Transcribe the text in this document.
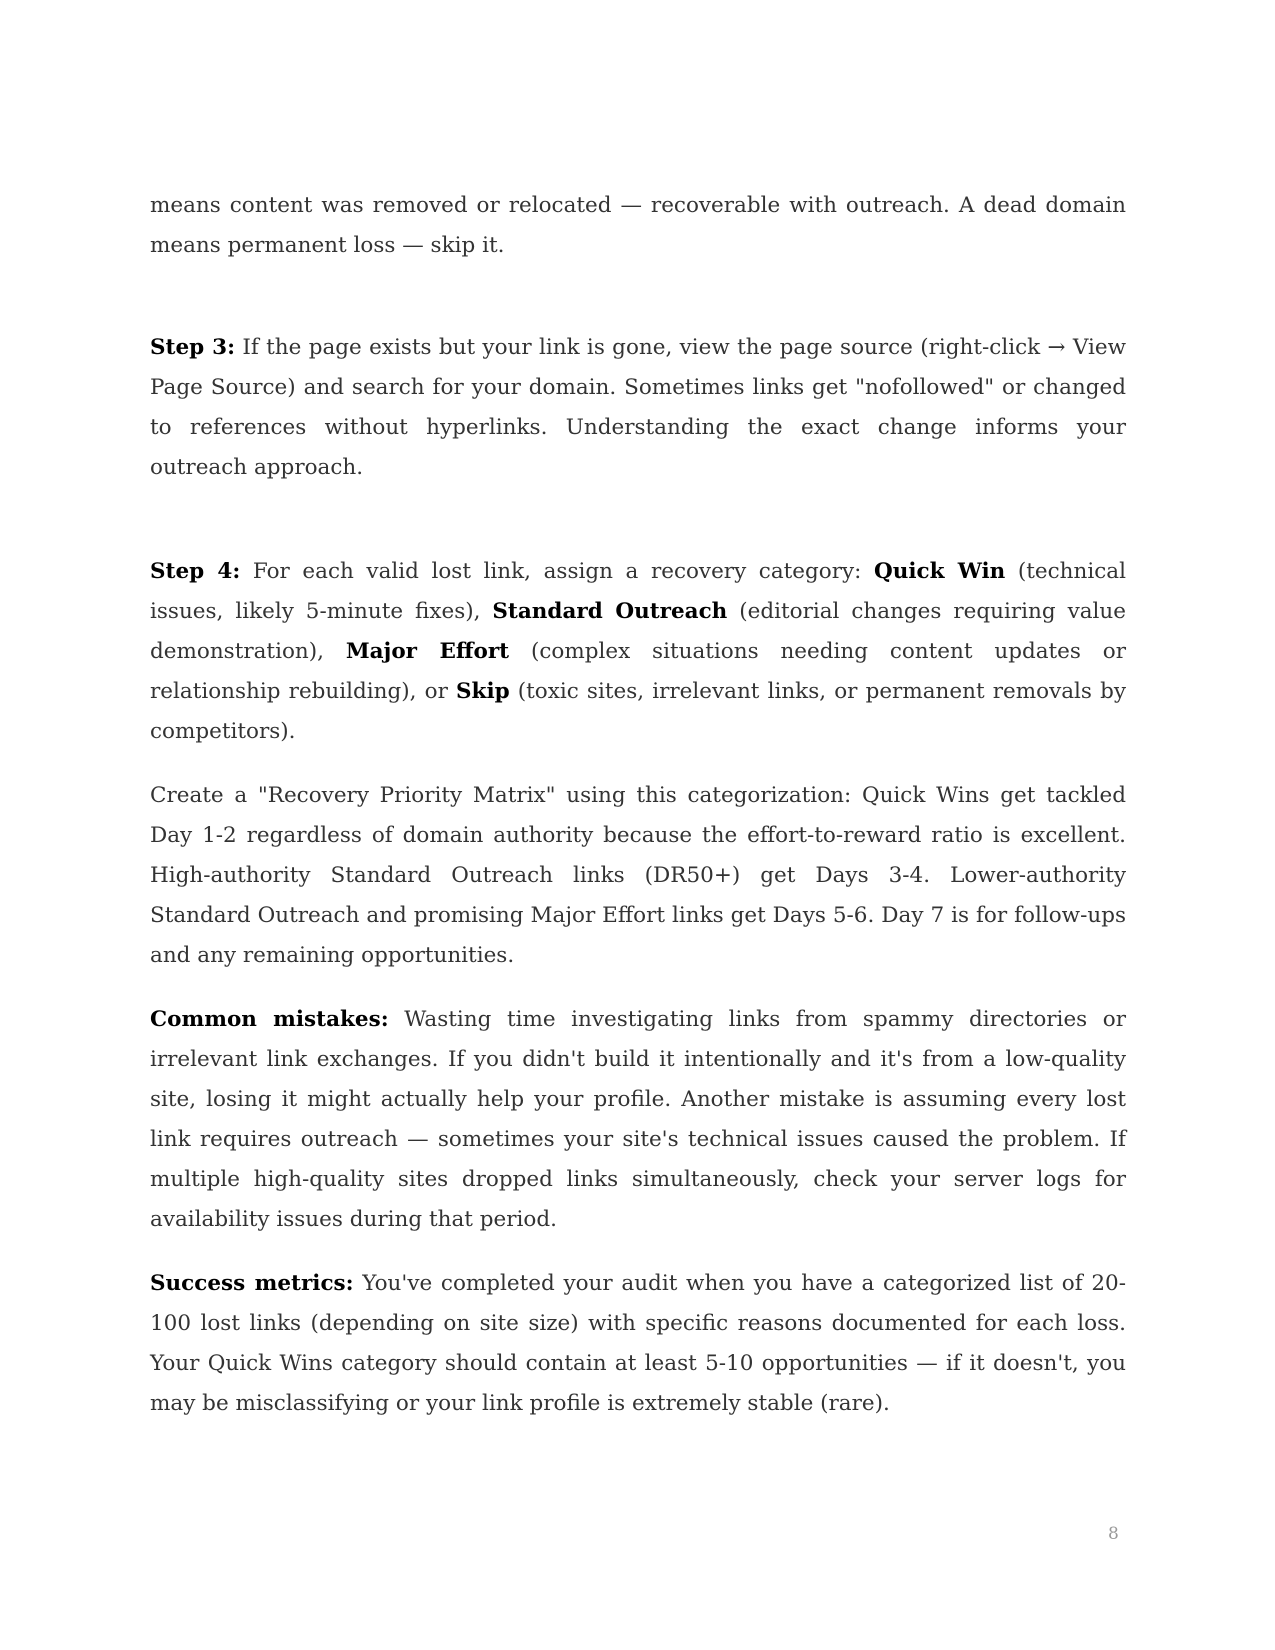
means content was removed or relocated — recoverable with outreach. A dead domain means permanent loss — skip it.

Step 3: If the page exists but your link is gone, view the page source (right-click → View Page Source) and search for your domain. Sometimes links get "nofollowed" or changed to references without hyperlinks. Understanding the exact change informs your outreach approach.

Step 4: For each valid lost link, assign a recovery category: Quick Win (technical issues, likely 5-minute fixes), Standard Outreach (editorial changes requiring value demonstration), Major Effort (complex situations needing content updates or relationship rebuilding), or Skip (toxic sites, irrelevant links, or permanent removals by competitors).

Create a "Recovery Priority Matrix" using this categorization: Quick Wins get tackled Day 1-2 regardless of domain authority because the effort-to-reward ratio is excellent. High-authority Standard Outreach links (DR50+) get Days 3-4. Lower-authority Standard Outreach and promising Major Effort links get Days 5-6. Day 7 is for follow-ups and any remaining opportunities.

Common mistakes: Wasting time investigating links from spammy directories or irrelevant link exchanges. If you didn't build it intentionally and it's from a low-quality site, losing it might actually help your profile. Another mistake is assuming every lost link requires outreach — sometimes your site's technical issues caused the problem. If multiple high-quality sites dropped links simultaneously, check your server logs for availability issues during that period.

Success metrics: You've completed your audit when you have a categorized list of 20-100 lost links (depending on site size) with specific reasons documented for each loss. Your Quick Wins category should contain at least 5-10 opportunities — if it doesn't, you may be misclassifying or your link profile is extremely stable (rare).

8
